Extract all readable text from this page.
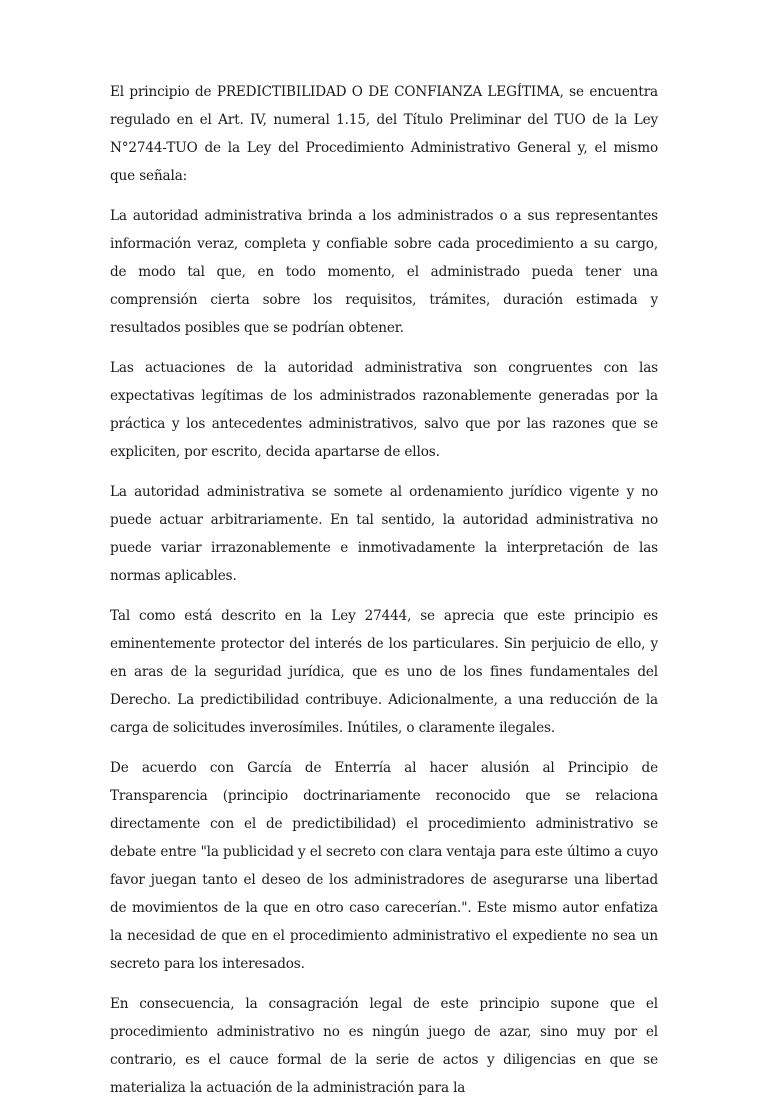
El principio de PREDICTIBILIDAD O DE CONFIANZA LEGÍTIMA, se encuentra regulado en el Art. IV, numeral 1.15, del Título Preliminar del TUO de la Ley N°2744-TUO de la Ley del Procedimiento Administrativo General y, el mismo que señala:

La autoridad administrativa brinda a los administrados o a sus representantes información veraz, completa y confiable sobre cada procedimiento a su cargo, de modo tal que, en todo momento, el administrado pueda tener una comprensión cierta sobre los requisitos, trámites, duración estimada y resultados posibles que se podrían obtener.

Las actuaciones de la autoridad administrativa son congruentes con las expectativas legítimas de los administrados razonablemente generadas por la práctica y los antecedentes administrativos, salvo que por las razones que se expliciten, por escrito, decida apartarse de ellos.

La autoridad administrativa se somete al ordenamiento jurídico vigente y no puede actuar arbitrariamente. En tal sentido, la autoridad administrativa no puede variar irrazonablemente e inmotivadamente la interpretación de las normas aplicables.

Tal como está descrito en la Ley 27444, se aprecia que este principio es eminentemente protector del interés de los particulares. Sin perjuicio de ello, y en aras de la seguridad jurídica, que es uno de los fines fundamentales del Derecho. La predictibilidad contribuye. Adicionalmente, a una reducción de la carga de solicitudes inverosímiles. Inútiles, o claramente ilegales.

De acuerdo con García de Enterría al hacer alusión al Principio de Transparencia (principio doctrinariamente reconocido que se relaciona directamente con el de predictibilidad) el procedimiento administrativo se debate entre "la publicidad y el secreto con clara ventaja para este último a cuyo favor juegan tanto el deseo de los administradores de asegurarse una libertad de movimientos de la que en otro caso carecerían.". Este mismo autor enfatiza la necesidad de que en el procedimiento administrativo el expediente no sea un secreto para los interesados.

En consecuencia, la consagración legal de este principio supone que el procedimiento administrativo no es ningún juego de azar, sino muy por el contrario, es el cauce formal de la serie de actos y diligencias en que se materializa la actuación de la administración para la
